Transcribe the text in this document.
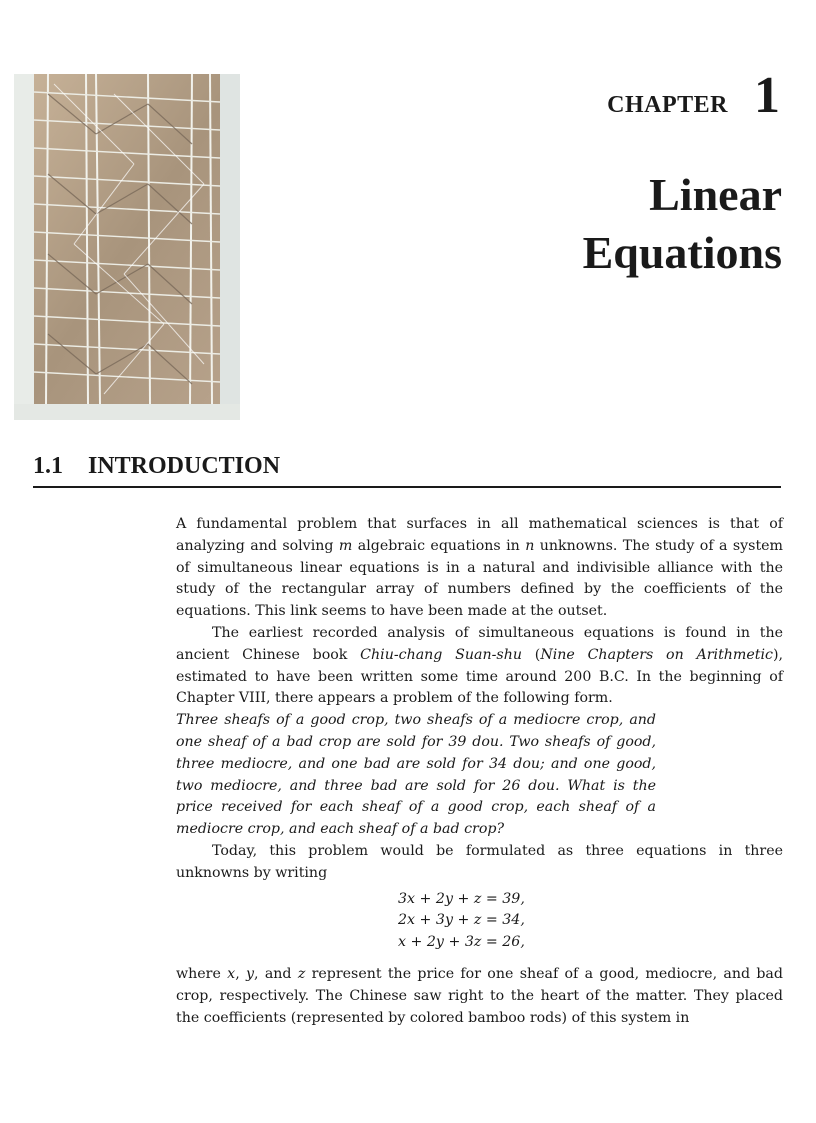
CHAPTER 1
Linear
Equations
1.1 INTRODUCTION

A fundamental problem that surfaces in all mathematical sciences is that of analyzing and solving m algebraic equations in n unknowns. The study of a system of simultaneous linear equations is in a natural and indivisible alliance with the study of the rectangular array of numbers defined by the coefficients of the equations. This link seems to have been made at the outset.

The earliest recorded analysis of simultaneous equations is found in the ancient Chinese book Chiu-chang Suan-shu (Nine Chapters on Arithmetic), estimated to have been written some time around 200 B.C. In the beginning of Chapter VIII, there appears a problem of the following form.

Three sheafs of a good crop, two sheafs of a mediocre crop, and one sheaf of a bad crop are sold for 39 dou. Two sheafs of good, three mediocre, and one bad are sold for 34 dou; and one good, two mediocre, and three bad are sold for 26 dou. What is the price received for each sheaf of a good crop, each sheaf of a mediocre crop, and each sheaf of a bad crop?

Today, this problem would be formulated as three equations in three unknowns by writing

3x + 2y + z = 39,
2x + 3y + z = 34,
x + 2y + 3z = 26,

where x, y, and z represent the price for one sheaf of a good, mediocre, and bad crop, respectively. The Chinese saw right to the heart of the matter. They placed the coefficients (represented by colored bamboo rods) of this system in
